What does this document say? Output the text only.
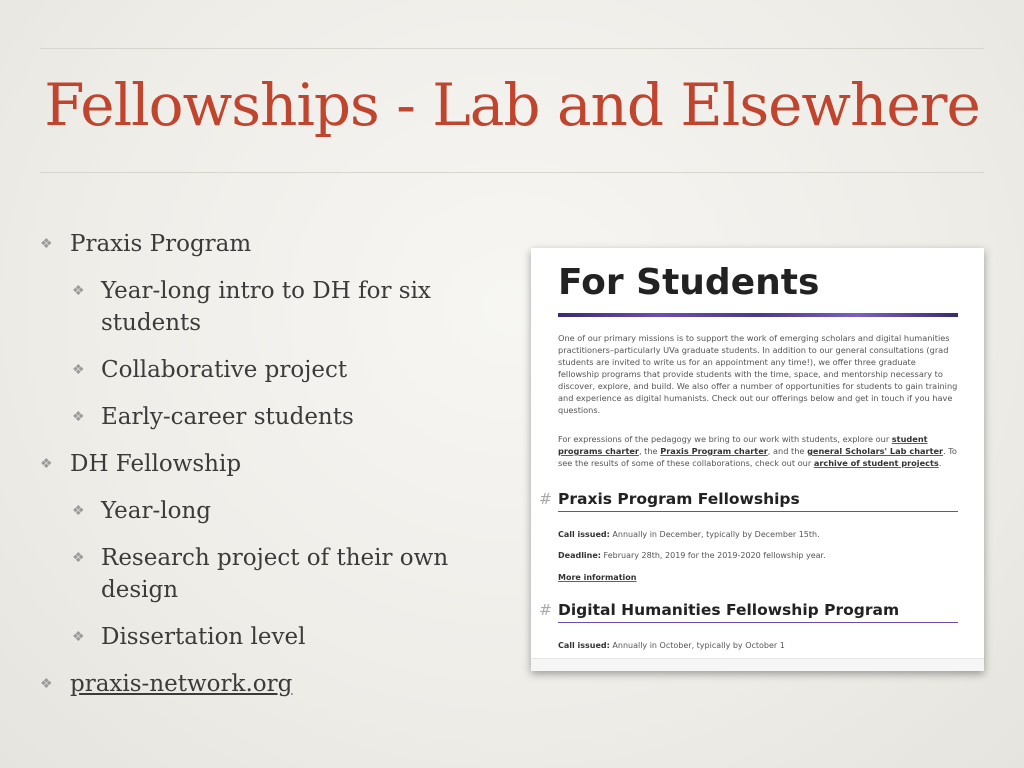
Fellowships - Lab and Elsewhere
❖ Praxis Program
❖ Year-long intro to DH for six students
❖ Collaborative project
❖ Early-career students
❖ DH Fellowship
❖ Year-long
❖ Research project of their own design
❖ Dissertation level
❖ praxis-network.org
For Students
One of our primary missions is to support the work of emerging scholars and digital humanities practitioners–particularly UVa graduate students. In addition to our general consultations (grad students are invited to write us for an appointment any time!), we offer three graduate fellowship programs that provide students with the time, space, and mentorship necessary to discover, explore, and build. We also offer a number of opportunities for students to gain training and experience as digital humanists. Check out our offerings below and get in touch if you have questions.
For expressions of the pedagogy we bring to our work with students, explore our student programs charter, the Praxis Program charter, and the general Scholars' Lab charter. To see the results of some of these collaborations, check out our archive of student projects.
# Praxis Program Fellowships
Call issued: Annually in December, typically by December 15th.
Deadline: February 28th, 2019 for the 2019-2020 fellowship year.
More information
# Digital Humanities Fellowship Program
Call issued: Annually in October, typically by October 1
